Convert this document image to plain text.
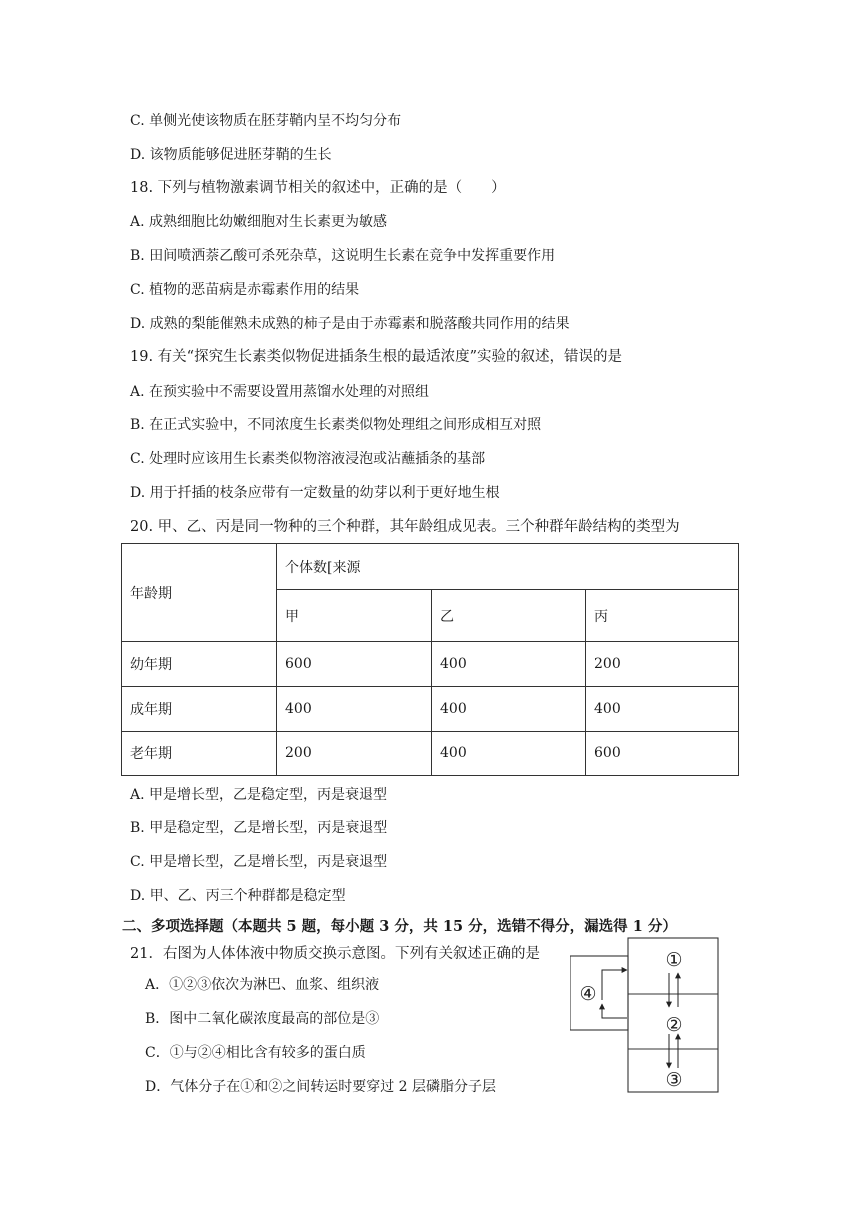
C. 单侧光使该物质在胚芽鞘内呈不均匀分布
D. 该物质能够促进胚芽鞘的生长
18. 下列与植物激素调节相关的叙述中，正确的是（　　）
A. 成熟细胞比幼嫩细胞对生长素更为敏感
B. 田间喷洒萘乙酸可杀死杂草，这说明生长素在竞争中发挥重要作用
C. 植物的恶苗病是赤霉素作用的结果
D. 成熟的梨能催熟未成熟的柿子是由于赤霉素和脱落酸共同作用的结果
19. 有关“探究生长素类似物促进插条生根的最适浓度”实验的叙述，错误的是
A. 在预实验中不需要设置用蒸馏水处理的对照组
B. 在正式实验中，不同浓度生长素类似物处理组之间形成相互对照
C. 处理时应该用生长素类似物溶液浸泡或沾蘸插条的基部
D. 用于扦插的枝条应带有一定数量的幼芽以利于更好地生根
20. 甲、乙、丙是同一物种的三个种群，其年龄组成见表。三个种群年龄结构的类型为
年龄期	个体数[来源		
	甲	乙	丙
幼年期	600	400	200
成年期	400	400	400
老年期	200	400	600
A. 甲是增长型，乙是稳定型，丙是衰退型
B. 甲是稳定型，乙是增长型，丙是衰退型
C. 甲是增长型，乙是增长型，丙是衰退型
D. 甲、乙、丙三个种群都是稳定型
二、多项选择题（本题共 5 题，每小题 3 分，共 15 分，选错不得分，漏选得 1 分）
21．右图为人体体液中物质交换示意图。下列有关叙述正确的是
A．①②③依次为淋巴、血浆、组织液
B．图中二氧化碳浓度最高的部位是③
C．①与②④相比含有较多的蛋白质
D．气体分子在①和②之间转运时要穿过 2 层磷脂分子层
①
②
③
④
